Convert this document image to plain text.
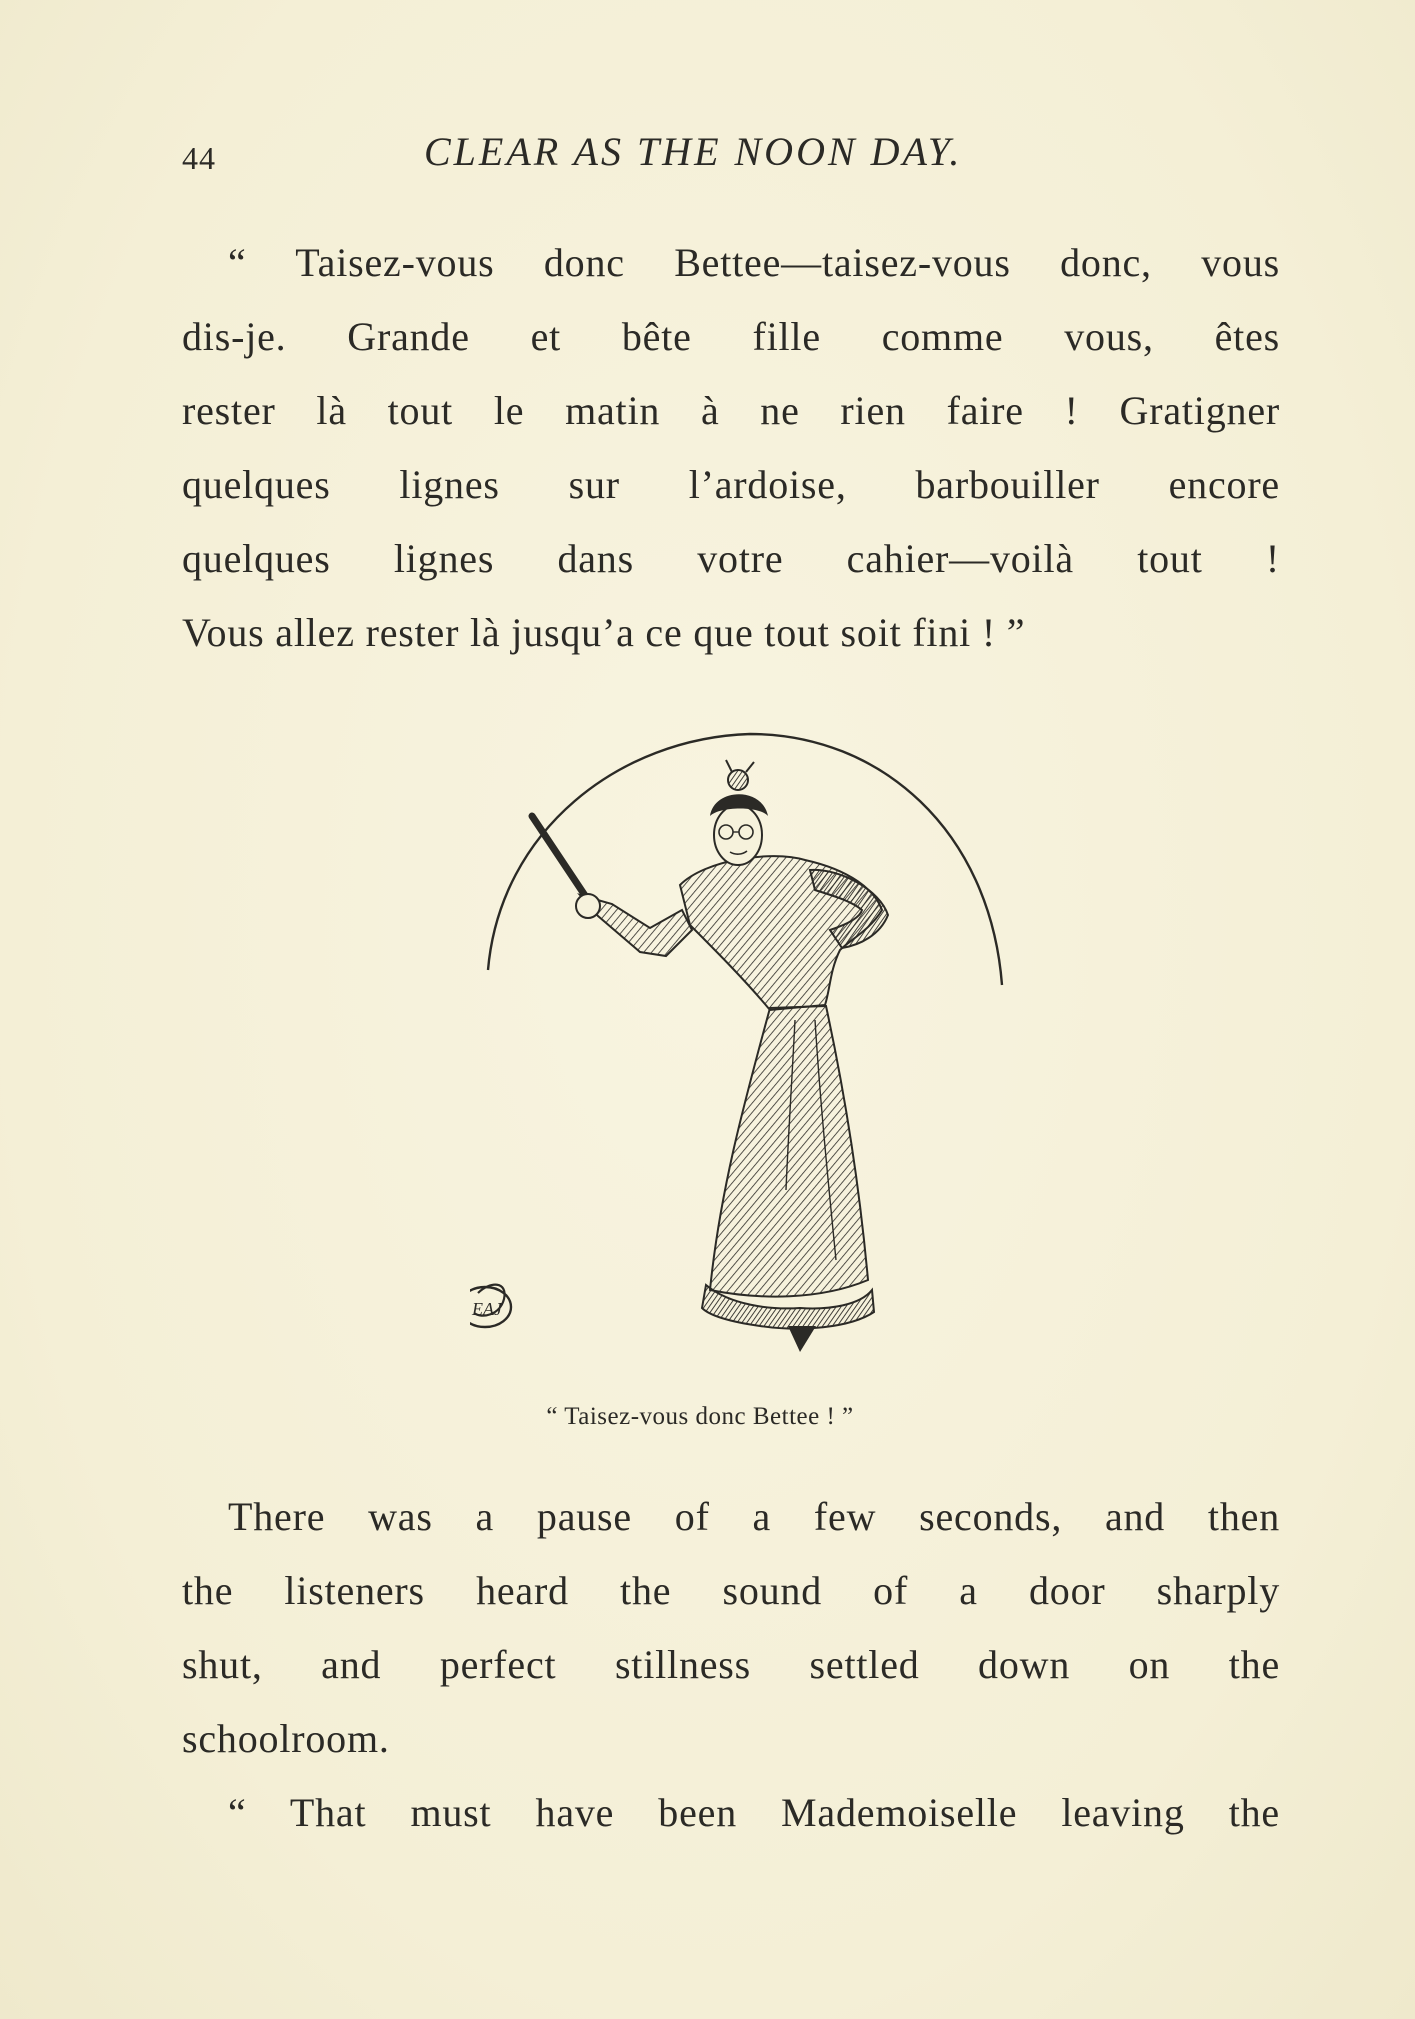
44	CLEAR AS THE NOON DAY.
“ Taisez-vous donc Bettee—taisez-vous donc, vous
dis-je. Grande et bête fille comme vous, êtes
rester là tout le matin à ne rien faire ! Gratigner
quelques lignes sur l’ardoise, barbouiller encore
quelques lignes dans votre cahier—voilà tout !
Vous allez rester là jusqu’a ce que tout soit fini ! ”
EAJ
“ Taisez-vous donc Bettee ! ”
There was a pause of a few seconds, and then
the listeners heard the sound of a door sharply
shut, and perfect stillness settled down on the
schoolroom.
“ That must have been Mademoiselle leaving the
